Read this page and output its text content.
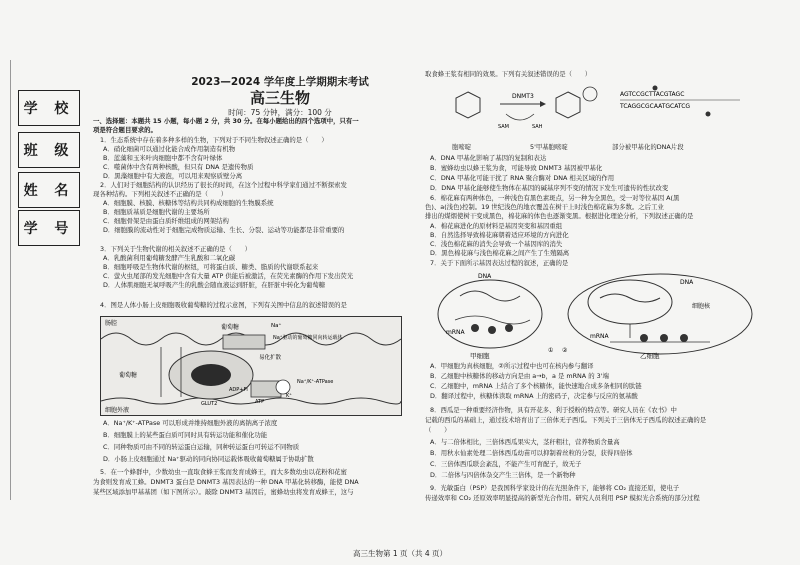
学 校
班 级
姓 名
学 号
2023—2024 学年度上学期期末考试
高三生物
时间：75 分钟，满分：100 分
一、选择题：本题共 15 小题，每小题 2 分，共 30 分。在每小题给出的四个选项中，只有一
项是符合题目要求的。
1．生态系统中存在着多种多样的生物，下列对于不同生物叙述正确的是（　　）
A．硝化细菌可以通过化能合成作用制造有机物
B．蓝藻和玉米叶肉细胞中都不含有叶绿体
C．噬菌体中含有两种核酸，但只有 DNA 是遗传物质
D．黑藻细胞中有大液泡，可以用来观察质壁分离
2．人们对于细胞结构的认识经历了很长的时间，在这个过程中科学家们通过不断探索发
现各种结构。下列相关叙述不正确的是（　　）
A．细胞膜、核膜、核糖体等结构共同构成细胞的生物膜系统
B．细胞质基质是细胞代谢的主要场所
C．细胞骨架是由蛋白质纤维组成的网架结构
D．细胞膜的流动性对于细胞完成物质运输、生长、分裂、运动等功能都是非常重要的
3．下列关于生物代谢的相关叙述不正确的是（　　）
A．乳酸菌利用葡萄糖发酵产生乳酸和二氧化碳
B．细胞呼吸是生物体代谢的枢纽，可将蛋白质、糖类、脂质的代谢联系起来
C．萤火虫尾部的发光细胞中含有大量 ATP 供能后被激活，在荧光素酶的作用下发出荧光
D．人体肌细胞无氧呼吸产生的乳酸会随血液运到肝脏，在肝脏中转化为葡萄糖
4．图是人体小肠上皮细胞吸收葡萄糖的过程示意图，下列有关图中信息的叙述错误的是
肠腔
葡萄糖	Na⁺
Na⁺驱动的葡萄糖同向转运载体
葡萄糖
易化扩散
ADP+Pi
ATP
Na⁺/K⁺-ATPase
GLUT2
K⁺
细胞外液
A．Na⁺/K⁺-ATPase 可以形成并维持细胞外液的离钠离子浓度
B．细胞膜上的某些蛋白质可同时具有转运功能和催化功能
C．同种物质可由不同的转运蛋白运输，同种转运蛋白可转运不同物质
D．小肠上皮细胞通过 Na⁺驱动的同向协同运载体吸收葡萄糖属于协助扩散
5．在一个蜂群中，少数幼虫一直取食蜂王浆而发育成蜂王，而大多数幼虫以花粉和花蜜
为食则发育成工蜂。DNMT3 蛋白是 DNMT3 基因表达的一种 DNA 甲基化转移酶，能使 DNA
某些区域添加甲基基团（如下图所示）。敲除 DNMT3 基因后，蜜蜂幼虫将发育成蜂王，这与
取食蜂王浆有相同的效果。下列有关叙述错误的是（　　）
DNMT3
SAM	SAH
AGTCCGCTTACGTAGC
TCAGGCGCAATGCATCG
胞嘧啶	5'甲基胞嘧啶	部分被甲基化的DNA片段
A．DNA 甲基化影响了基因的复制和表达
B．蜜蜂幼虫以蜂王浆为食，可能导致 DNMT3 基因被甲基化
C．DNA 甲基化可能干扰了 RNA 聚合酶对 DNA 相关区域的作用
D．DNA 甲基化能够使生物体在基因的碱基序列不变的情况下发生可遗传的性状改变
6．棉花麻有两种体色，一种浅色有黑色素斑点，另一种为全黑色，受一对等位基因 A(黑
色)、a(浅色)控制。19 世纪浅色的地衣覆盖在树干上时浅色棉花麻为多数。之后工业
排出的煤烟使树干变成黑色，棉花麻的体色也逐渐变黑。根据进化理论分析，下列叙述正确的是
A．棉花麻进化的原材料是基因突变和基因重组
B．自然选择导致棉花麻朝着适应环境的方向进化
C．浅色棉花麻的消失会导致一个基因库的消失
D．黑色棉花麻与浅色棉花麻之间产生了生殖隔离
7．关于下面所示基因表达过程的叙述，正确的是
DNA
mRNA
甲细胞
DNA
细胞核
mRNA
乙细胞
① ②
A．甲细胞为真核细胞，②所示过程中也可在核内参与翻译
B．乙细胞中核糖体的移动方向是由 a→b，a 是 mRNA 的 3'端
C．乙细胞中，mRNA 上结合了多个核糖体，能快速地合成多条相同的肽链
D．翻译过程中，核糖体读取 mRNA 上的密码子，决定参与反应的氨基酸
8．西瓜是一种重要经济作物，具有开花多、利于授粉的特点等。研究人员在《农书》中
记载的西瓜的基础上，通过技术培育出了三倍体无子西瓜。下列关于三倍体无子西瓜的叙述正确的是
（　　）
A．与二倍体相比，三倍体西瓜果实大，茎秆粗壮，营养物质含量高
B．用秋水仙素处理二倍体西瓜幼苗可以抑制着丝粒的分裂，获得四倍体
C．三倍体西瓜联会紊乱，不能产生可育配子，故无子
D．二倍体与四倍体杂交产生三倍体，是一个新物种
9．光敏蛋白（PSP）是我国科学家设计的在光照条件下，能够将 CO₂ 直接还原，使电子
传递效率和 CO₂ 还原效率明显提高的新型光合作用。研究人员利用 PSP 模拟光合系统的部分过程
高三生物第 1 页（共 4 页）
